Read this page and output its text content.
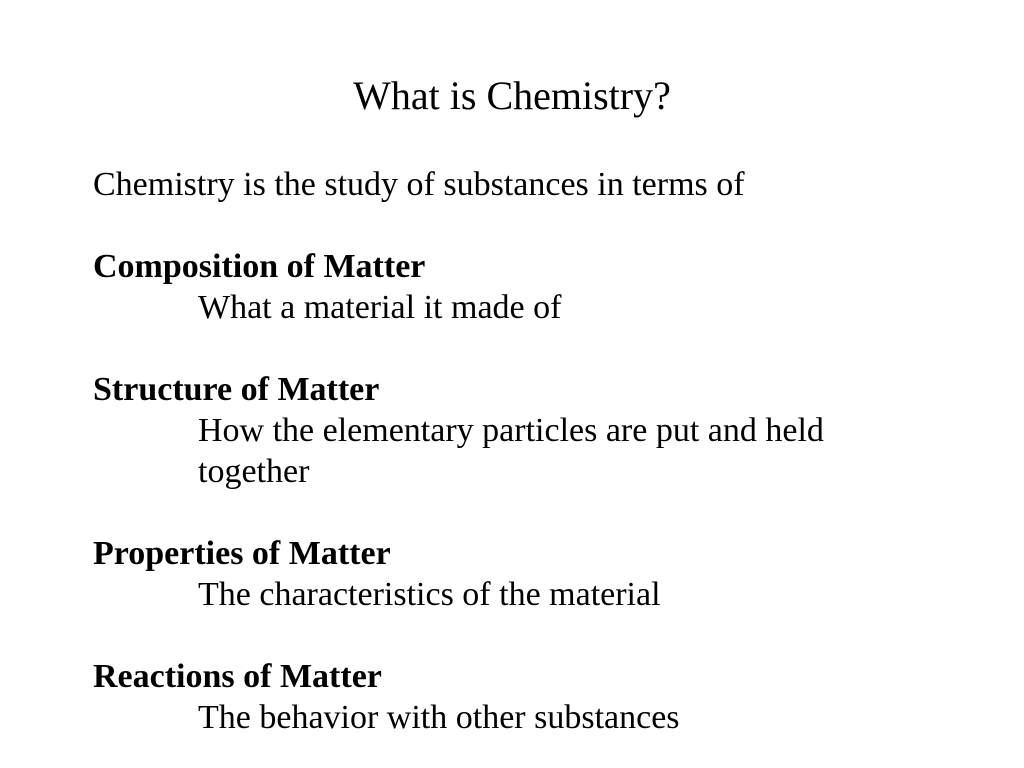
What is Chemistry?
Chemistry is the study of substances in terms of
Composition of Matter
What a material it made of
Structure of Matter
How the elementary particles are put and held
together
Properties of Matter
The characteristics of the material
Reactions of Matter
The behavior with other substances
